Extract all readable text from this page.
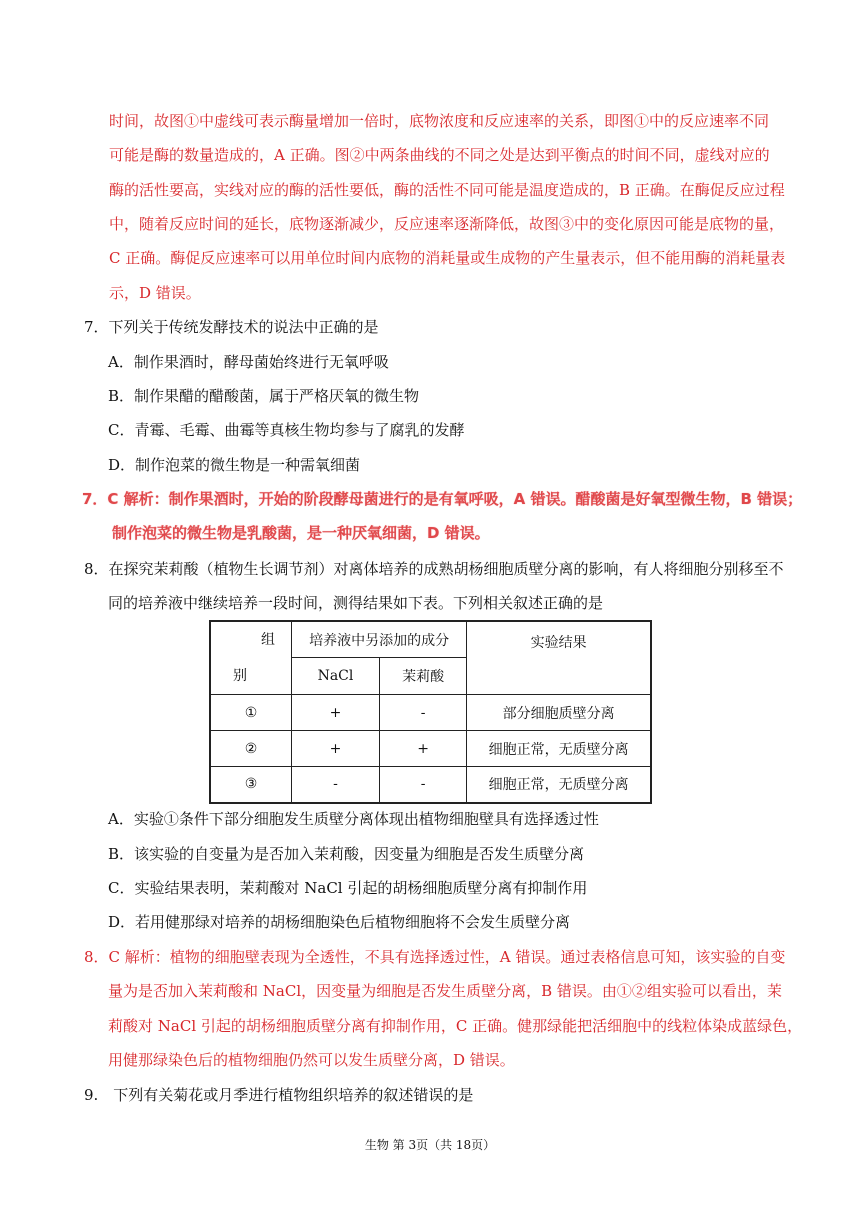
时间，故图①中虚线可表示酶量增加一倍时，底物浓度和反应速率的关系，即图①中的反应速率不同
可能是酶的数量造成的，A 正确。图②中两条曲线的不同之处是达到平衡点的时间不同，虚线对应的
酶的活性要高，实线对应的酶的活性要低，酶的活性不同可能是温度造成的，B 正确。在酶促反应过程
中，随着反应时间的延长，底物逐渐减少，反应速率逐渐降低，故图③中的变化原因可能是底物的量，
C 正确。酶促反应速率可以用单位时间内底物的消耗量或生成物的产生量表示，但不能用酶的消耗量表
示，D 错误。
7．下列关于传统发酵技术的说法中正确的是
A．制作果酒时，酵母菌始终进行无氧呼吸
B．制作果醋的醋酸菌，属于严格厌氧的微生物
C．青霉、毛霉、曲霉等真核生物均参与了腐乳的发酵
D．制作泡菜的微生物是一种需氧细菌
7．C 解析：制作果酒时，开始的阶段酵母菌进行的是有氧呼吸，A 错误。醋酸菌是好氧型微生物，B 错误；
制作泡菜的微生物是乳酸菌，是一种厌氧细菌，D 错误。
8．在探究茉莉酸（植物生长调节剂）对离体培养的成熟胡杨细胞质壁分离的影响，有人将细胞分别移至不
同的培养液中继续培养一段时间，测得结果如下表。下列相关叙述正确的是
组
别	培养液中另添加的成分		实验结果
	NaCl	茉莉酸	
①	+	-	部分细胞质壁分离
②	+	+	细胞正常，无质壁分离
③	-	-	细胞正常，无质壁分离
A．实验①条件下部分细胞发生质壁分离体现出植物细胞壁具有选择透过性
B．该实验的自变量为是否加入茉莉酸，因变量为细胞是否发生质壁分离
C．实验结果表明，茉莉酸对 NaCl 引起的胡杨细胞质壁分离有抑制作用
D．若用健那绿对培养的胡杨细胞染色后植物细胞将不会发生质壁分离
8．C 解析：植物的细胞壁表现为全透性，不具有选择透过性，A 错误。通过表格信息可知，该实验的自变
量为是否加入茉莉酸和 NaCl，因变量为细胞是否发生质壁分离，B 错误。由①②组实验可以看出，茉
莉酸对 NaCl 引起的胡杨细胞质壁分离有抑制作用，C 正确。健那绿能把活细胞中的线粒体染成蓝绿色，
用健那绿染色后的植物细胞仍然可以发生质壁分离，D 错误。
9.　下列有关菊花或月季进行植物组织培养的叙述错误的是
生物 第 3页（共 18页）
